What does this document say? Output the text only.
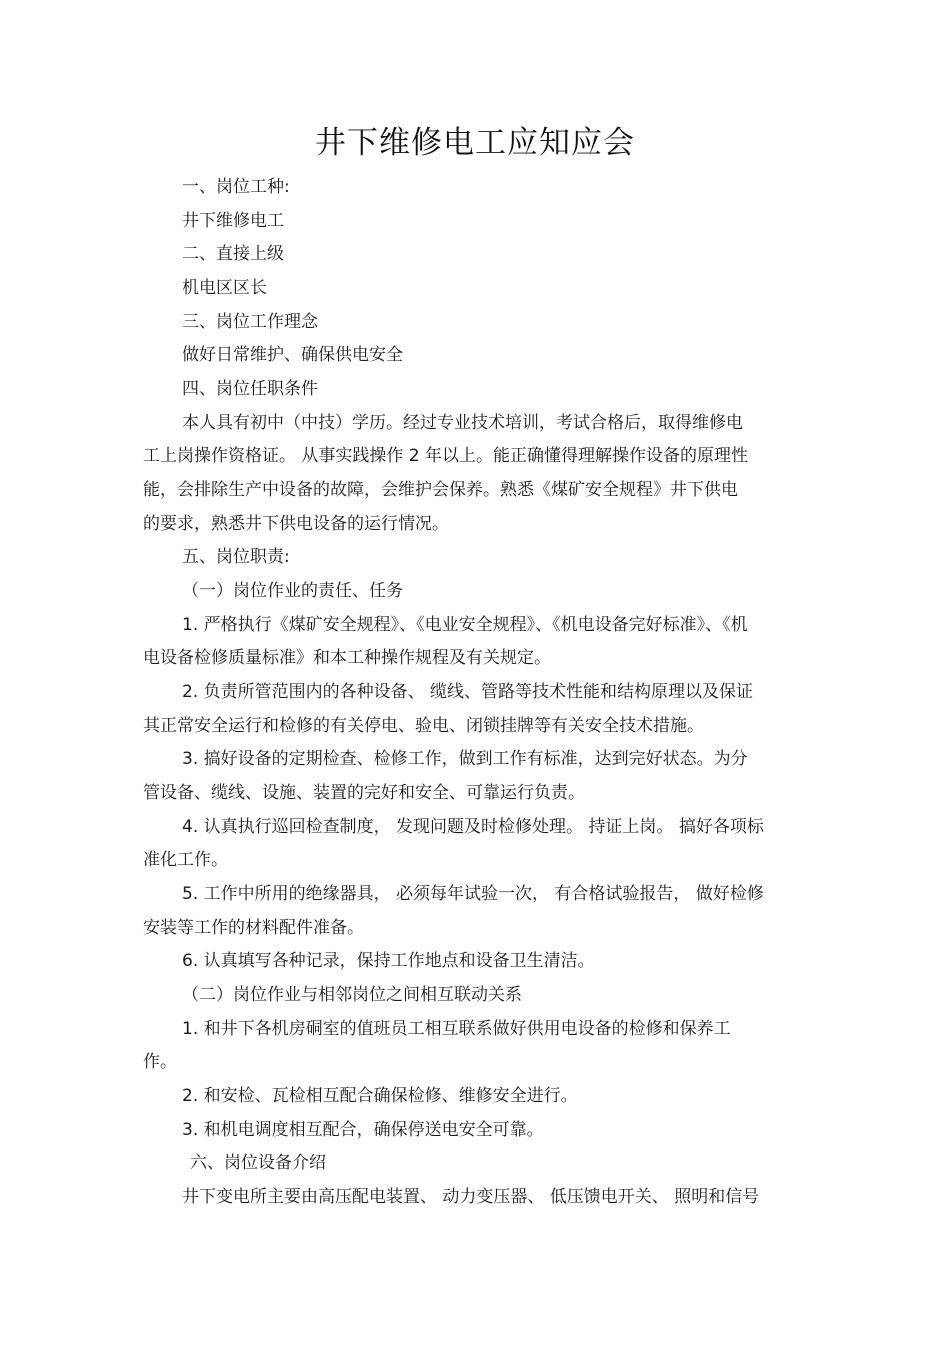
井下维修电工应知应会
一、岗位工种:
井下维修电工
二、直接上级
机电区区长
三、岗位工作理念
做好日常维护、确保供电安全
四、岗位任职条件
本人具有初中（中技）学历。经过专业技术培训，考试合格后，取得维修电
工上岗操作资格证。 从事实践操作 2 年以上。能正确懂得理解操作设备的原理性
能，会排除生产中设备的故障，会维护会保养。熟悉《煤矿安全规程》井下供电
的要求，熟悉井下供电设备的运行情况。
五、岗位职责:
（一）岗位作业的责任、任务
1. 严格执行《煤矿安全规程》、《电业安全规程》、《机电设备完好标准》、《机
电设备检修质量标准》和本工种操作规程及有关规定。
2. 负责所管范围内的各种设备、 缆线、管路等技术性能和结构原理以及保证
其正常安全运行和检修的有关停电、验电、闭锁挂牌等有关安全技术措施。
3. 搞好设备的定期检查、检修工作，做到工作有标准，达到完好状态。为分
管设备、缆线、设施、装置的完好和安全、可靠运行负责。
4. 认真执行巡回检查制度， 发现问题及时检修处理。 持证上岗。 搞好各项标
准化工作。
5. 工作中所用的绝缘器具， 必须每年试验一次， 有合格试验报告， 做好检修
安装等工作的材料配件准备。
6. 认真填写各种记录，保持工作地点和设备卫生清洁。
（二）岗位作业与相邻岗位之间相互联动关系
1. 和井下各机房硐室的值班员工相互联系做好供用电设备的检修和保养工
作。
2. 和安检、瓦检相互配合确保检修、维修安全进行。
3. 和机电调度相互配合，确保停送电安全可靠。
六、岗位设备介绍
井下变电所主要由高压配电装置、 动力变压器、 低压馈电开关、 照明和信号
